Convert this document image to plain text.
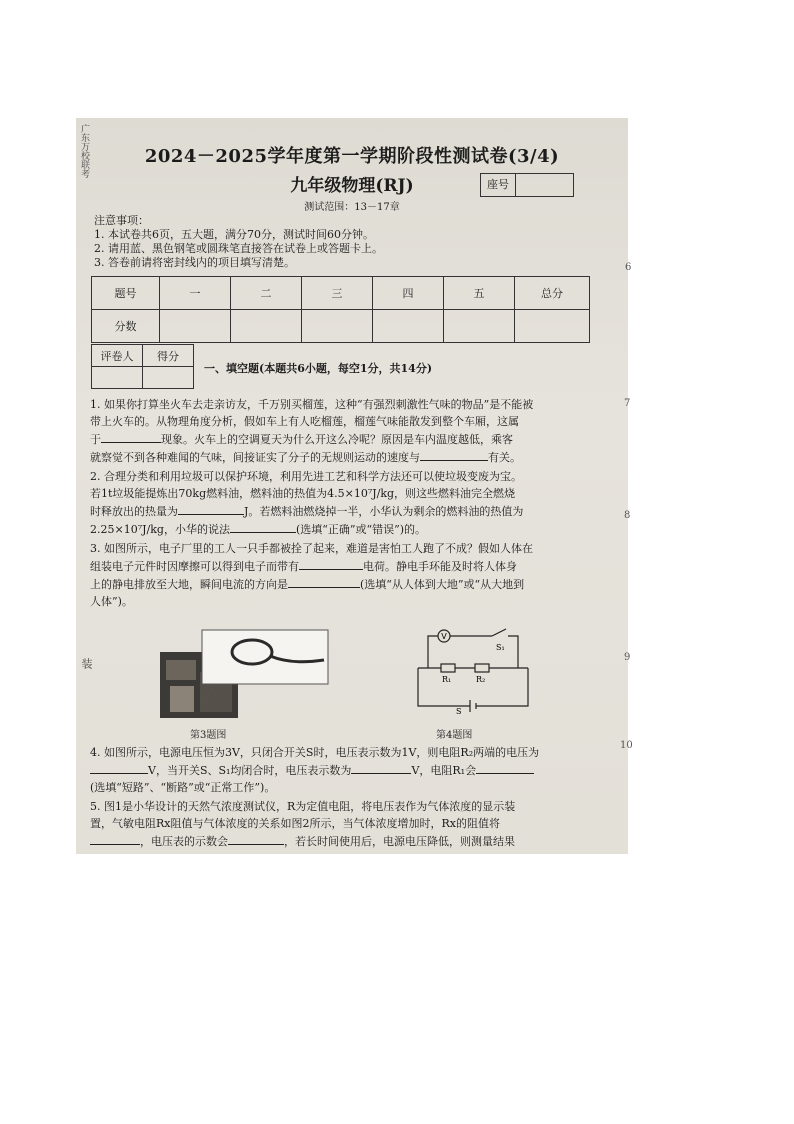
广东万校联考
装
2024－2025学年度第一学期阶段性测试卷(3/4)
九年级物理(RJ)	座号
测试范围：13－17章
注意事项：
1. 本试卷共6页，五大题，满分70分，测试时间60分钟。
2. 请用蓝、黑色钢笔或圆珠笔直接答在试卷上或答题卡上。
3. 答卷前请将密封线内的项目填写清楚。
题号	一	二	三	四	五	总分
分数						
评卷人	得分

一、填空题(本题共6小题，每空1分，共14分)

1. 如果你打算坐火车去走亲访友，千万别买榴莲，这种“有强烈刺激性气味的物品”是不能被

带上火车的。从物理角度分析，假如车上有人吃榴莲，榴莲气味能散发到整个车厢，这属

于	现象。火车上的空调夏天为什么开这么冷呢？原因是车内温度越低，乘客

就察觉不到各种难闻的气味，间接证实了分子的无规则运动的速度与	有关。

2. 合理分类和利用垃圾可以保护环境，利用先进工艺和科学方法还可以使垃圾变废为宝。

若1t垃圾能提炼出70kg燃料油，燃料油的热值为4.5×10⁷J/kg，则这些燃料油完全燃烧

时释放出的热量为	J。若燃料油燃烧掉一半，小华认为剩余的燃料油的热值为

2.25×10⁷J/kg，小华的说法	(选填“正确”或“错误”)的。

3. 如图所示，电子厂里的工人一只手都被拴了起来，难道是害怕工人跑了不成？假如人体在

组装电子元件时因摩擦可以得到电子而带有	电荷。静电手环能及时将人体身

上的静电排放至大地，瞬间电流的方向是	(选填“从人体到大地”或“从大地到

人体”)。

第3题图
V
S₁
R₁	R₂
S
第4题图

4. 如图所示，电源电压恒为3V，只闭合开关S时，电压表示数为1V，则电阻R₂两端的电压为

V，当开关S、S₁均闭合时，电压表示数为	V，电阻R₁会

(选填“短路”、“断路”或“正常工作”)。

5. 图1是小华设计的天然气浓度测试仪，R为定值电阻，将电压表作为气体浓度的显示装

置，气敏电阻Rx阻值与气体浓度的关系如图2所示，当气体浓度增加时，Rx的阻值将

，电压表的示数会	，若长时间使用后，电源电压降低，则测量结果

6
7
8
9
10
